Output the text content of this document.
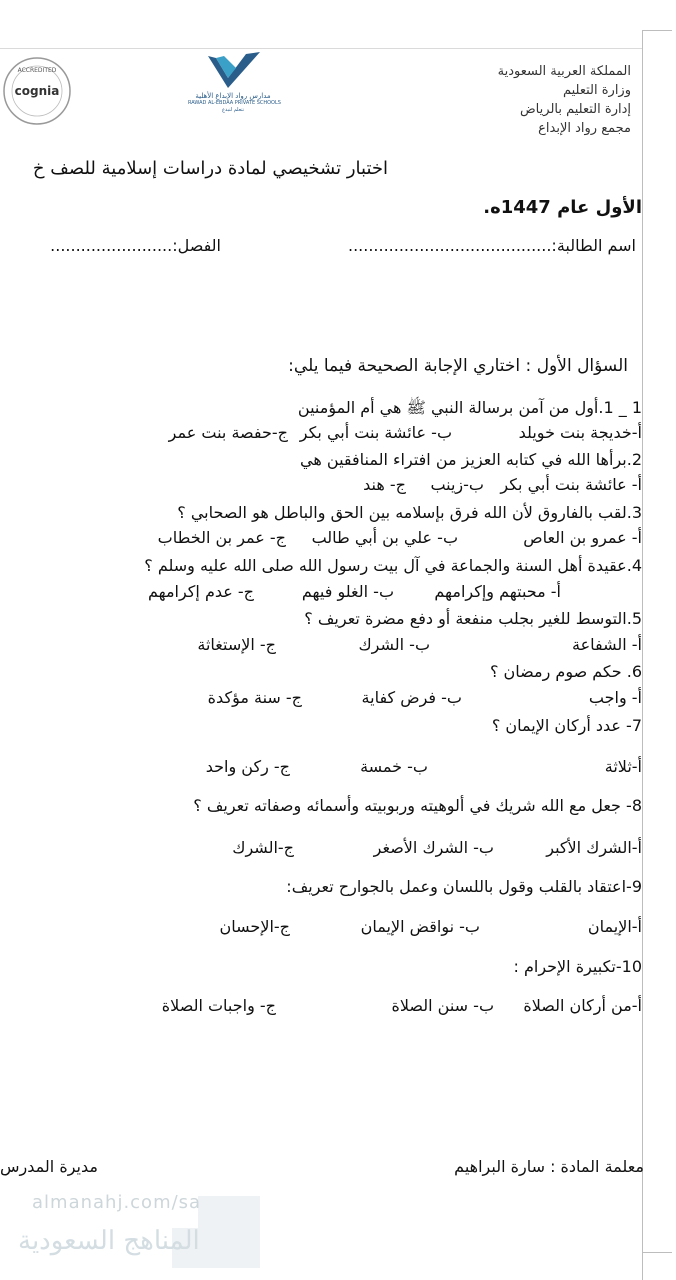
المملكة العربية السعودية
وزارة التعليم
إدارة التعليم بالرياض
مجمع رواد الإبداع
مدارس رواد الإبداع الأهلية
RAWAD AL-EBDAA PRIVATE SCHOOLS
نتعلم لنبدع
ACCREDITED
cognia
اختبار تشخيصي لمادة دراسات إسلامية للصف خ
الأول عام 1447ه.
اسم الطالبة:........................................
الفصل:........................
السؤال الأول : اختاري الإجابة الصحيحة فيما يلي:
1 _ 1.أول من آمن برسالة النبي ﷺ هي أم المؤمنين
أ-خديجة بنت خويلد
ب- عائشة بنت أبي بكر
ج-حفصة بنت عمر
2.برأها الله في كتابه العزيز من افتراء المنافقين هي
أ- عائشة بنت أبي بكر
ب-زينب
ج- هند
3.لقب بالفاروق لأن الله فرق بإسلامه بين الحق والباطل هو الصحابي ؟
أ- عمرو بن العاص
ب- علي بن أبي طالب
ج- عمر بن الخطاب
4.عقيدة أهل السنة والجماعة في آل بيت رسول الله صلى الله عليه وسلم ؟
أ- محبتهم وإكرامهم
ب- الغلو فيهم
ج- عدم إكرامهم
5.التوسط للغير بجلب منفعة أو دفع مضرة تعريف ؟
أ- الشفاعة
ب- الشرك
ج- الإستغاثة
6. حكم صوم رمضان ؟
أ- واجب
ب- فرض كفاية
ج- سنة مؤكدة
7- عدد أركان الإيمان ؟
أ-ثلاثة
ب- خمسة
ج- ركن واحد
8- جعل مع الله شريك في ألوهيته وربوبيته وأسمائه وصفاته تعريف ؟
أ-الشرك الأكبر
ب- الشرك الأصغر
ج-الشرك
9-اعتقاد بالقلب وقول باللسان وعمل بالجوارح تعريف:
أ-الإيمان
ب- نواقض الإيمان
ج-الإحسان
10-تكبيرة الإحرام :
أ-من أركان الصلاة
ب- سنن الصلاة
ج- واجبات الصلاة
معلمة المادة : سارة البراهيم
مديرة المدرس
almanahj.com/sa
المناهج السعودية
